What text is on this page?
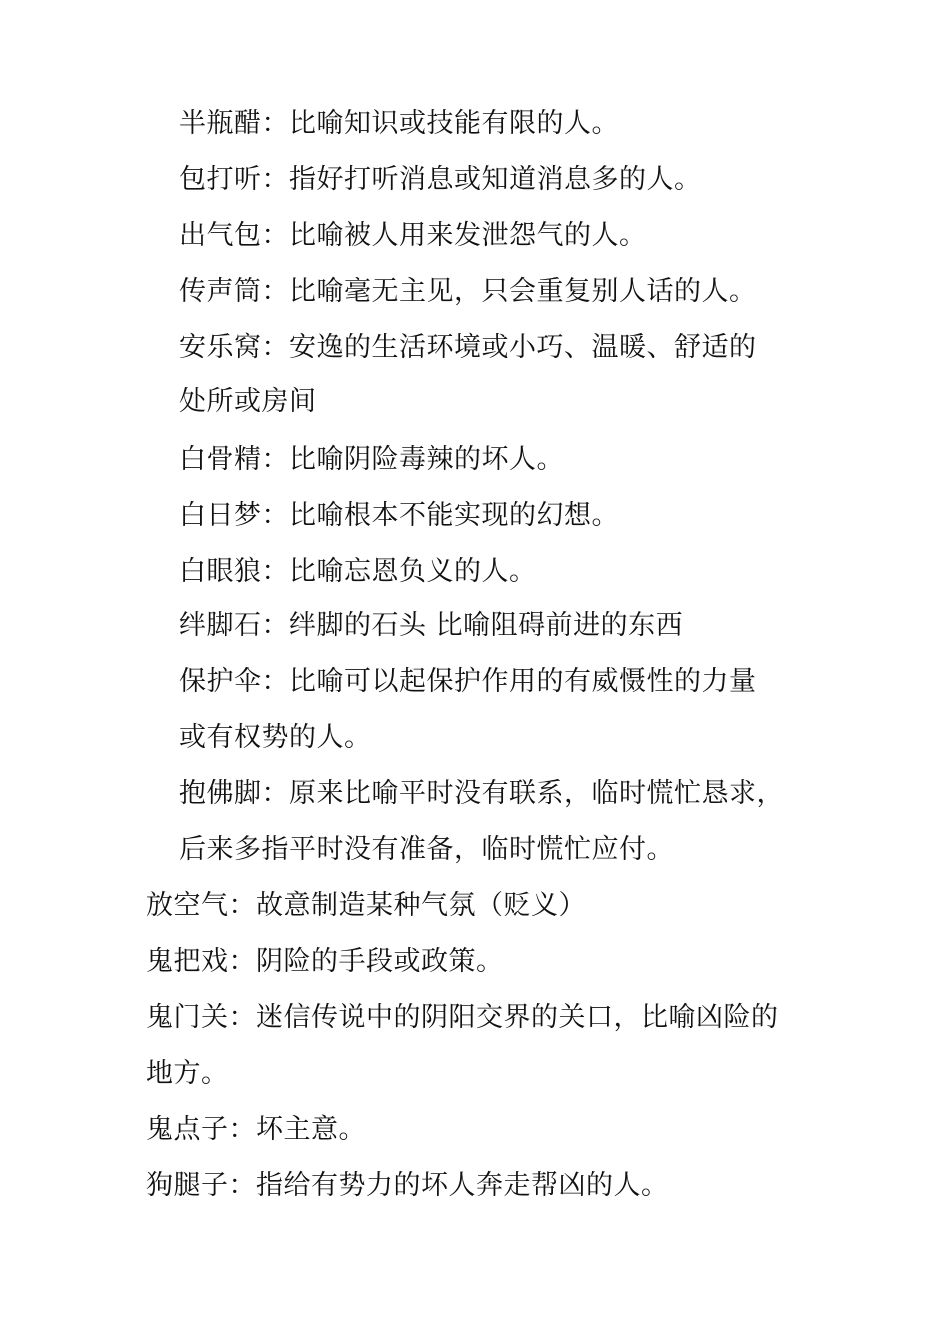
半瓶醋：比喻知识或技能有限的人。
包打听：指好打听消息或知道消息多的人。
出气包：比喻被人用来发泄怨气的人。
传声筒：比喻毫无主见，只会重复别人话的人。
安乐窝：安逸的生活环境或小巧、温暖、舒适的
处所或房间
白骨精：比喻阴险毒辣的坏人。
白日梦：比喻根本不能实现的幻想。
白眼狼：比喻忘恩负义的人。
绊脚石：绊脚的石头 比喻阻碍前进的东西
保护伞：比喻可以起保护作用的有威慑性的力量
或有权势的人。
抱佛脚：原来比喻平时没有联系，临时慌忙恳求，
后来多指平时没有准备，临时慌忙应付。
放空气：故意制造某种气氛（贬义）
鬼把戏：阴险的手段或政策。
鬼门关：迷信传说中的阴阳交界的关口，比喻凶险的
地方。
鬼点子：坏主意。
狗腿子：指给有势力的坏人奔走帮凶的人。
